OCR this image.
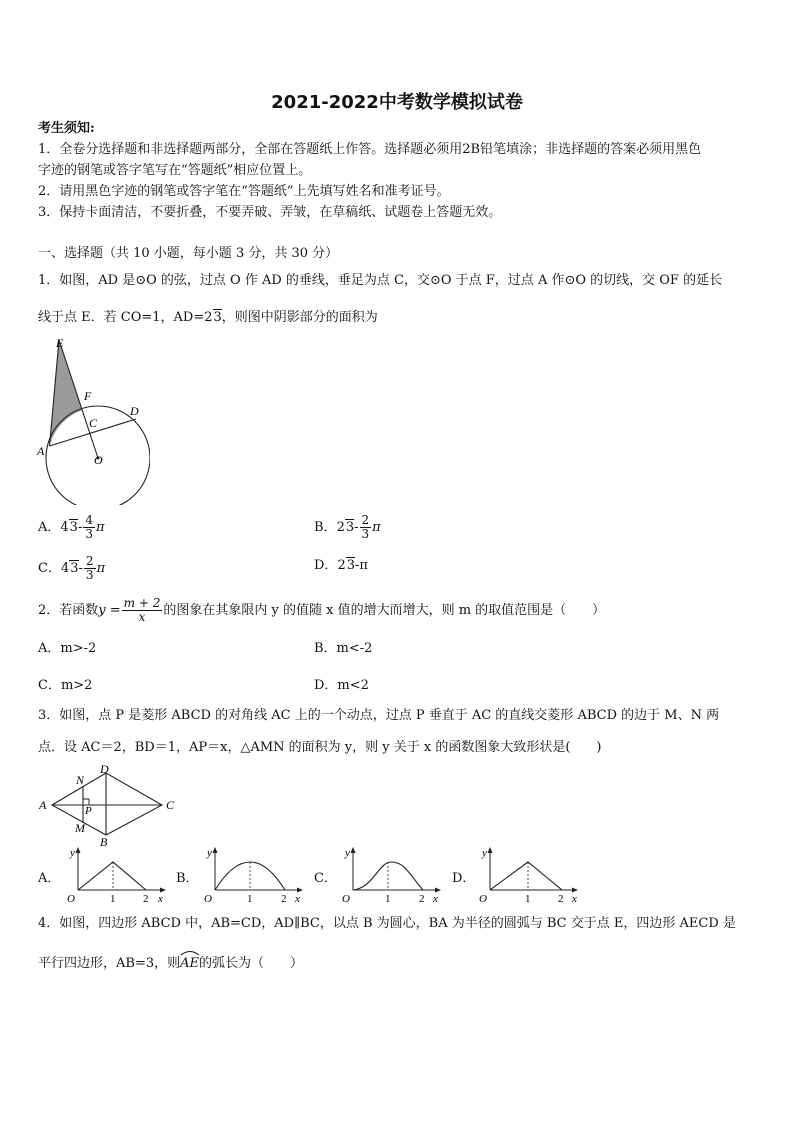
2021-2022中考数学模拟试卷
考生须知:
1．全卷分选择题和非选择题两部分，全部在答题纸上作答。选择题必须用2B铅笔填涂；非选择题的答案必须用黑色
字迹的钢笔或答字笔写在“答题纸”相应位置上。
2．请用黑色字迹的钢笔或答字笔在“答题纸”上先填写姓名和准考证号。
3．保持卡面清洁，不要折叠，不要弄破、弄皱，在草稿纸、试题卷上答题无效。
一、选择题（共 10 小题，每小题 3 分，共 30 分）
1．如图，AD 是⊙O 的弦，过点 O 作 AD 的垂线，垂足为点 C，交⊙O 于点 F，过点 A 作⊙O 的切线，交 OF 的延长
线于点 E．若 CO=1，AD=23，则图中阴影部分的面积为
E
F
D
C
A
O
A．$43- \frac{4}{3}$ π	B．$23- \frac{2}{3}$ π
C．$43- \frac{2}{3}$ π	D．23-π
2．若函数$y = \frac{m + 2}{x}$ 的图象在其象限内 y 的值随 x 值的增大而增大，则 m 的取值范围是（　　）
A．m>-2	B．m<-2
C．m>2	D．m<2
3．如图，点 P 是菱形 ABCD 的对角线 AC 上的一个动点，过点 P 垂直于 AC 的直线交菱形 ABCD 的边于 M、N 两
点．设 AC＝2，BD＝1，AP＝x，△AMN 的面积为 y，则 y 关于 x 的函数图象大致形状是(　　)
N
D
A	P	C
M
B
A．	B．	C．	D．
y
O	1	2 x
y
O	1	2 x
y
O	1	2 x
y
O	1	2 x
4．如图，四边形 ABCD 中，AB=CD，AD∥BC，以点 B 为圆心，BA 为半径的圆弧与 BC 交于点 E，四边形 AECD 是
平行四边形，AB=3，则
AE的弧长为（　　）
